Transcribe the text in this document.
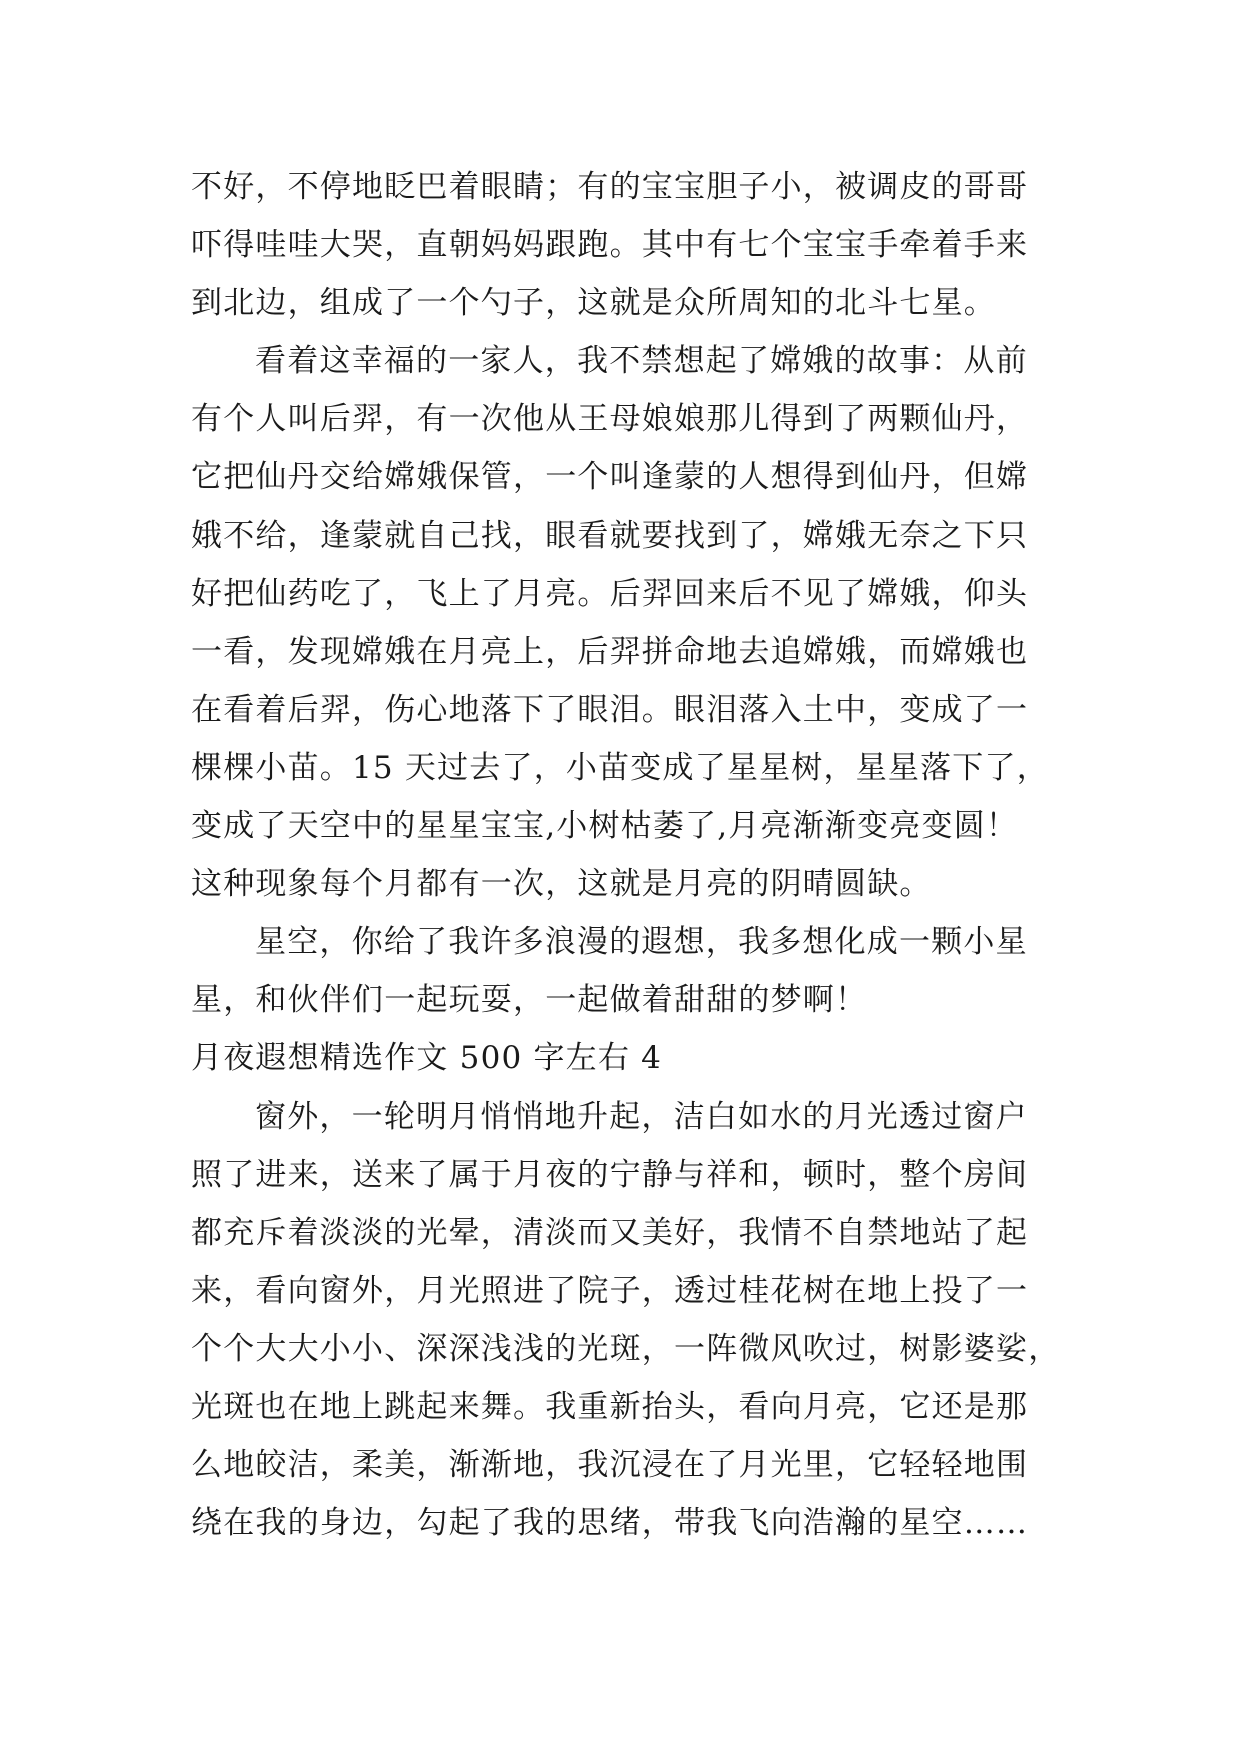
不好，不停地眨巴着眼睛；有的宝宝胆子小，被调皮的哥哥
吓得哇哇大哭，直朝妈妈跟跑。其中有七个宝宝手牵着手来
到北边，组成了一个勺子，这就是众所周知的北斗七星。
看着这幸福的一家人，我不禁想起了嫦娥的故事：从前
有个人叫后羿，有一次他从王母娘娘那儿得到了两颗仙丹，
它把仙丹交给嫦娥保管，一个叫逢蒙的人想得到仙丹，但嫦
娥不给，逢蒙就自己找，眼看就要找到了，嫦娥无奈之下只
好把仙药吃了，飞上了月亮。后羿回来后不见了嫦娥，仰头
一看，发现嫦娥在月亮上，后羿拼命地去追嫦娥，而嫦娥也
在看着后羿，伤心地落下了眼泪。眼泪落入土中，变成了一
棵棵小苗。15 天过去了，小苗变成了星星树，星星落下了，
变成了天空中的星星宝宝,小树枯萎了,月亮渐渐变亮变圆！
这种现象每个月都有一次，这就是月亮的阴晴圆缺。
星空，你给了我许多浪漫的遐想，我多想化成一颗小星
星，和伙伴们一起玩耍，一起做着甜甜的梦啊！
月夜遐想精选作文 500 字左右 4
窗外，一轮明月悄悄地升起，洁白如水的月光透过窗户
照了进来，送来了属于月夜的宁静与祥和，顿时，整个房间
都充斥着淡淡的光晕，清淡而又美好，我情不自禁地站了起
来，看向窗外，月光照进了院子，透过桂花树在地上投了一
个个大大小小、深深浅浅的光斑，一阵微风吹过，树影婆娑，
光斑也在地上跳起来舞。我重新抬头，看向月亮，它还是那
么地皎洁，柔美，渐渐地，我沉浸在了月光里，它轻轻地围
绕在我的身边，勾起了我的思绪，带我飞向浩瀚的星空……
